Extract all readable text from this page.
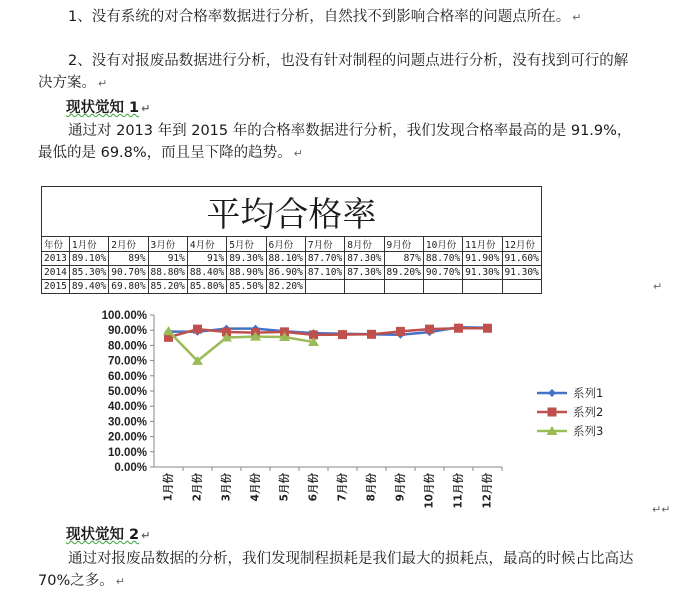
1、没有系统的对合格率数据进行分析，自然找不到影响合格率的问题点所在。 ↵

2、没有对报废品数据进行分析，也没有针对制程的问题点进行分析，没有找到可行的解决方案。 ↵

现状觉知 1 ↵

通过对 2013 年到 2015 年的合格率数据进行分析，我们发现合格率最高的是 91.9%，最低的是 69.8%，而且呈下降的趋势。 ↵

平均合格率												
年份	1月份	2月份	3月份	4月份	5月份	6月份	7月份	8月份	9月份	10月份	11月份	12月份
2013	89.10%	89%	91%	91%	89.30%	88.10%	87.70%	87.30%	87%	88.70%	91.90%	91.60%
2014	85.30%	90.70%	88.80%	88.40%	88.90%	86.90%	87.10%	87.30%	89.20%	90.70%	91.30%	91.30%
2015	89.40%	69.80%	85.20%	85.80%	85.50%	82.20%							↵
0.00%
10.00%
20.00%
30.00%
40.00%
50.00%
60.00%
70.00%
80.00%
90.00%
100.00%
1月份 2月份 3月份 4月份 5月份 6月份 7月份 8月份 9月份 10月份 11月份 12月份
系列1
系列2
系列3
↵↵
现状觉知 2 ↵

通过对报废品数据的分析，我们发现制程损耗是我们最大的损耗点，最高的时候占比高达 70%之多。 ↵
